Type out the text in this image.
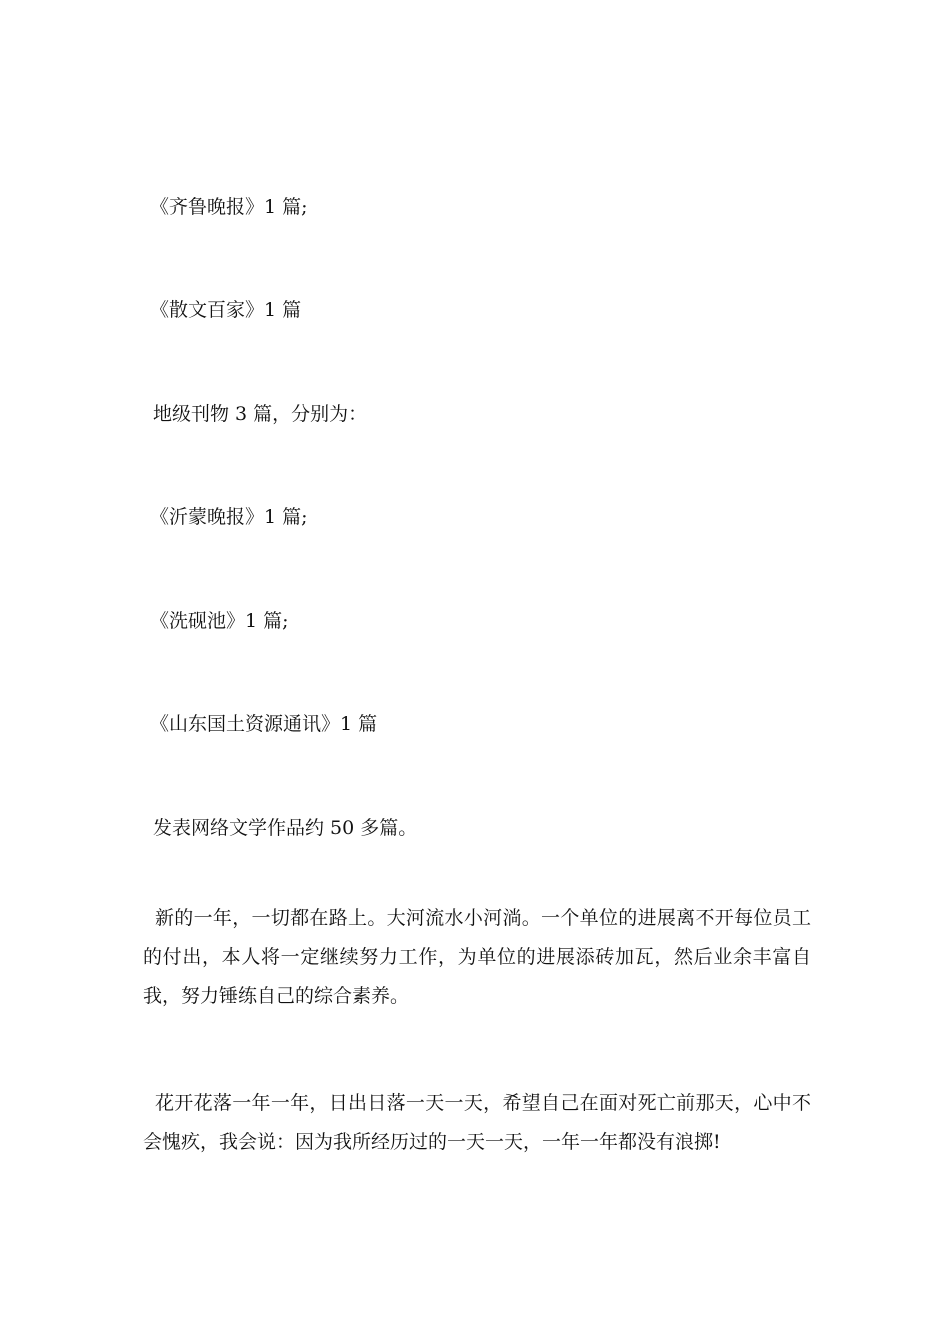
《齐鲁晚报》1 篇;
《散文百家》1 篇
地级刊物 3 篇，分别为：
《沂蒙晚报》1 篇;
《洗砚池》1 篇;
《山东国土资源通讯》1 篇
发表网络文学作品约 50 多篇。

新的一年，一切都在路上。大河流水小河淌。一个单位的进展离不开每位员工的付出，本人将一定继续努力工作，为单位的进展添砖加瓦，然后业余丰富自我，努力锤练自己的综合素养。

花开花落一年一年，日出日落一天一天，希望自己在面对死亡前那天，心中不会愧疚，我会说：因为我所经历过的一天一天，一年一年都没有浪掷!
